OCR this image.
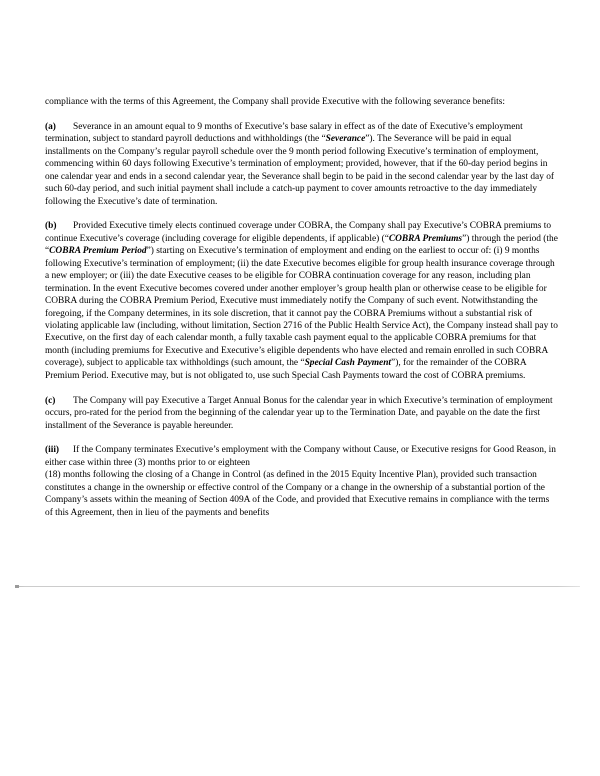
compliance with the terms of this Agreement, the Company shall provide Executive with the following severance benefits:

(a) Severance in an amount equal to 9 months of Executive’s base salary in effect as of the date of Executive’s employment termination, subject to standard payroll deductions and withholdings (the “Severance”). The Severance will be paid in equal installments on the Company’s regular payroll schedule over the 9 month period following Executive’s termination of employment, commencing within 60 days following Executive’s termination of employment; provided, however, that if the 60-day period begins in one calendar year and ends in a second calendar year, the Severance shall begin to be paid in the second calendar year by the last day of such 60-day period, and such initial payment shall include a catch-up payment to cover amounts retroactive to the day immediately following the Executive’s date of termination.

(b) Provided Executive timely elects continued coverage under COBRA, the Company shall pay Executive’s COBRA premiums to continue Executive’s coverage (including coverage for eligible dependents, if applicable) (“COBRA Premiums”) through the period (the “COBRA Premium Period”) starting on Executive’s termination of employment and ending on the earliest to occur of: (i) 9 months following Executive’s termination of employment; (ii) the date Executive becomes eligible for group health insurance coverage through a new employer; or (iii) the date Executive ceases to be eligible for COBRA continuation coverage for any reason, including plan termination. In the event Executive becomes covered under another employer’s group health plan or otherwise cease to be eligible for COBRA during the COBRA Premium Period, Executive must immediately notify the Company of such event. Notwithstanding the foregoing, if the Company determines, in its sole discretion, that it cannot pay the COBRA Premiums without a substantial risk of violating applicable law (including, without limitation, Section 2716 of the Public Health Service Act), the Company instead shall pay to Executive, on the first day of each calendar month, a fully taxable cash payment equal to the applicable COBRA premiums for that month (including premiums for Executive and Executive’s eligible dependents who have elected and remain enrolled in such COBRA coverage), subject to applicable tax withholdings (such amount, the “Special Cash Payment”), for the remainder of the COBRA Premium Period. Executive may, but is not obligated to, use such Special Cash Payments toward the cost of COBRA premiums.

(c) The Company will pay Executive a Target Annual Bonus for the calendar year in which Executive’s termination of employment occurs, pro-rated for the period from the beginning of the calendar year up to the Termination Date, and payable on the date the first installment of the Severance is payable hereunder.

(iii) If the Company terminates Executive’s employment with the Company without Cause, or Executive resigns for Good Reason, in either case within three (3) months prior to or eighteen
(18) months following the closing of a Change in Control (as defined in the 2015 Equity Incentive Plan), provided such transaction constitutes a change in the ownership or effective control of the Company or a change in the ownership of a substantial portion of the Company’s assets within the meaning of Section 409A of the Code, and provided that Executive remains in compliance with the terms of this Agreement, then in lieu of the payments and benefits
